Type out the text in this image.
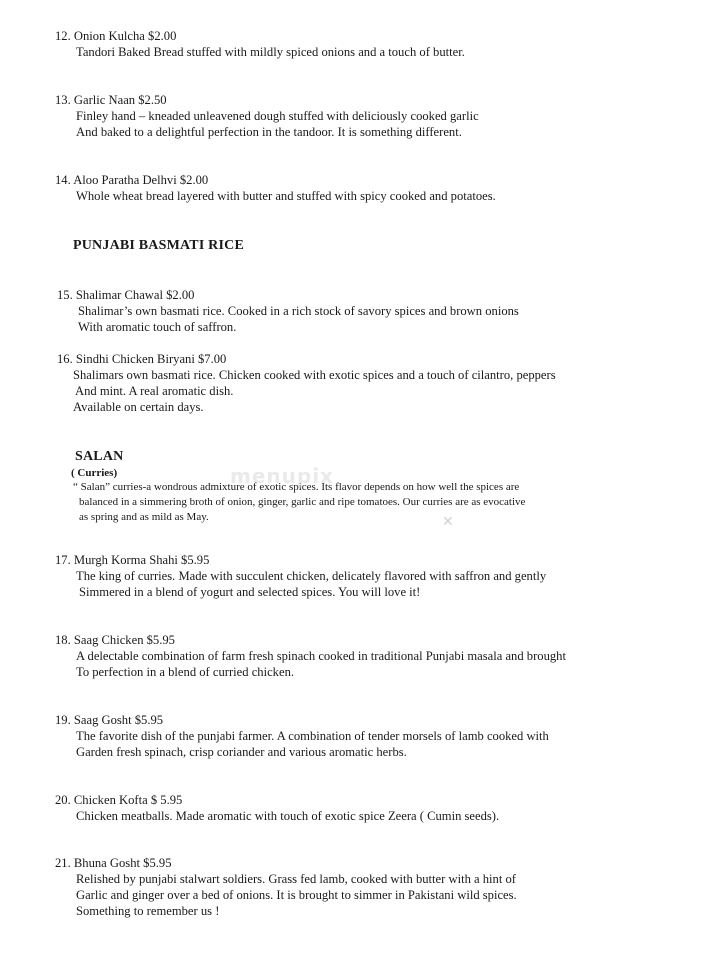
12. Onion Kulcha $2.00
Tandori Baked Bread stuffed with mildly spiced onions and a touch of butter.
13. Garlic Naan $2.50
Finley hand – kneaded unleavened dough stuffed with deliciously cooked garlic
And baked to a delightful perfection in the tandoor. It is something different.
14. Aloo Paratha Delhvi $2.00
Whole wheat bread layered with butter and stuffed with spicy cooked and potatoes.
PUNJABI BASMATI RICE
15. Shalimar Chawal $2.00
Shalimar’s own basmati rice. Cooked in a rich stock of savory spices and brown onions
With aromatic touch of saffron.
16. Sindhi Chicken Biryani $7.00
Shalimars own basmati rice. Chicken cooked with exotic spices and a touch of cilantro, peppers
And mint. A real aromatic dish.
Available on certain days.
SALAN
( Curries)
“ Salan” curries-a wondrous admixture of exotic spices. Its flavor depends on how well the spices are
balanced in a simmering broth of onion, ginger, garlic and ripe tomatoes. Our curries are as evocative
as spring and as mild as May.
menupix
✕
17. Murgh Korma Shahi $5.95
The king of curries. Made with succulent chicken, delicately flavored with saffron and gently
Simmered in a blend of yogurt and selected spices. You will love it!
18. Saag Chicken $5.95
A delectable combination of farm fresh spinach cooked in traditional Punjabi masala and brought
To perfection in a blend of curried chicken.
19. Saag Gosht $5.95
The favorite dish of the punjabi farmer. A combination of tender morsels of lamb cooked with
Garden fresh spinach, crisp coriander and various aromatic herbs.
20. Chicken Kofta $ 5.95
Chicken meatballs. Made aromatic with touch of exotic spice Zeera ( Cumin seeds).
21. Bhuna Gosht $5.95
Relished by punjabi stalwart soldiers. Grass fed lamb, cooked with butter with a hint of
Garlic and ginger over a bed of onions. It is brought to simmer in Pakistani wild spices.
Something to remember us !
